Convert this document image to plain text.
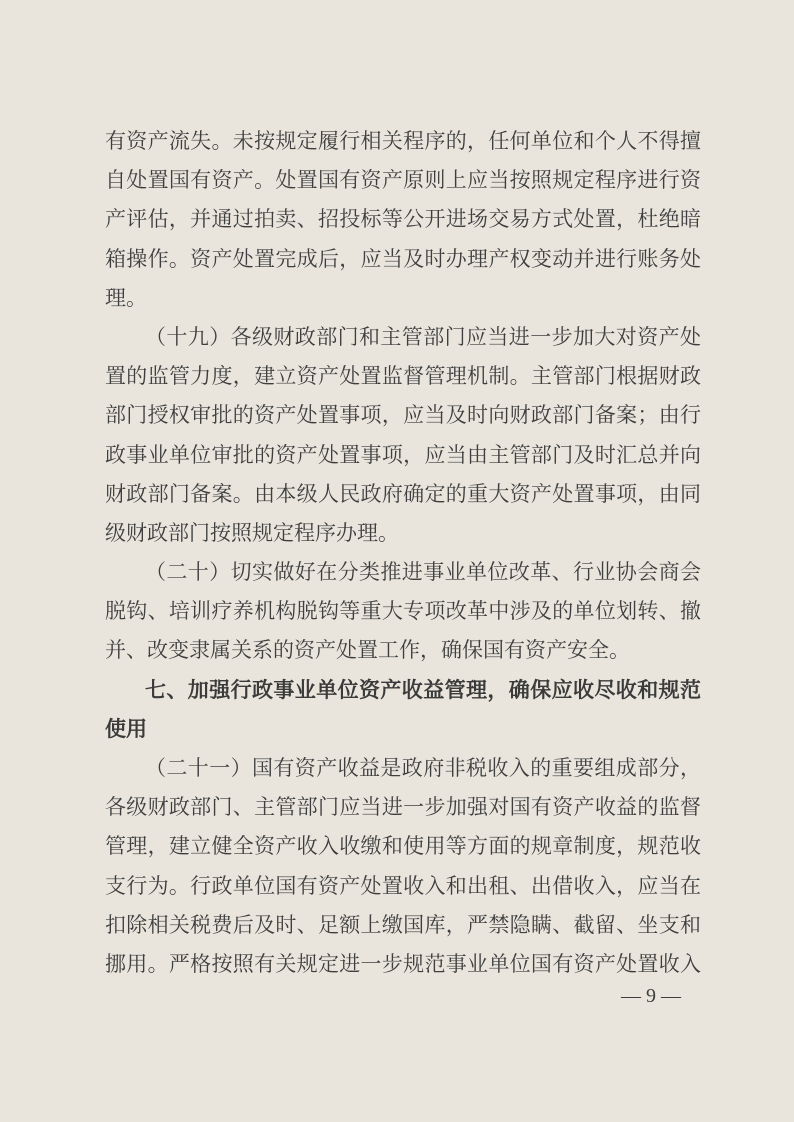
有资产流失。未按规定履行相关程序的，任何单位和个人不得擅
自处置国有资产。处置国有资产原则上应当按照规定程序进行资
产评估，并通过拍卖、招投标等公开进场交易方式处置，杜绝暗
箱操作。资产处置完成后，应当及时办理产权变动并进行账务处
理。
（十九）各级财政部门和主管部门应当进一步加大对资产处
置的监管力度，建立资产处置监督管理机制。主管部门根据财政
部门授权审批的资产处置事项，应当及时向财政部门备案；由行
政事业单位审批的资产处置事项，应当由主管部门及时汇总并向
财政部门备案。由本级人民政府确定的重大资产处置事项，由同
级财政部门按照规定程序办理。
（二十）切实做好在分类推进事业单位改革、行业协会商会
脱钩、培训疗养机构脱钩等重大专项改革中涉及的单位划转、撤
并、改变隶属关系的资产处置工作，确保国有资产安全。
七、加强行政事业单位资产收益管理，确保应收尽收和规范
使用
（二十一）国有资产收益是政府非税收入的重要组成部分，
各级财政部门、主管部门应当进一步加强对国有资产收益的监督
管理，建立健全资产收入收缴和使用等方面的规章制度，规范收
支行为。行政单位国有资产处置收入和出租、出借收入，应当在
扣除相关税费后及时、足额上缴国库，严禁隐瞒、截留、坐支和
挪用。严格按照有关规定进一步规范事业单位国有资产处置收入
— 9 —
